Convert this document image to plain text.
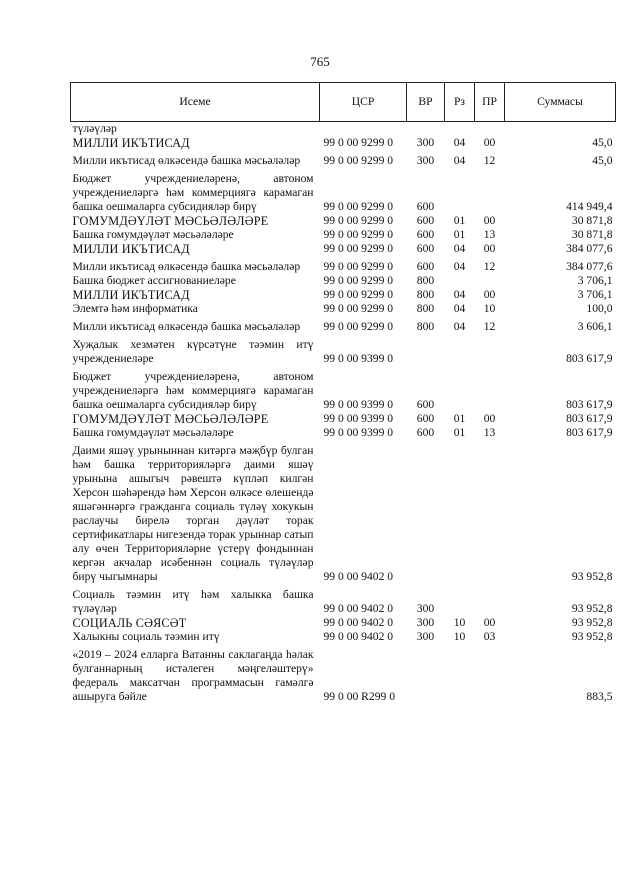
765
Исеме	ЦСР	ВР	Рз	ПР	Суммасы
түләүләр					
МИЛЛИ ИКЪТИСАД	99 0 00 9299 0	300	04	00	45,0
Милли икътисад өлкәсендә башка мәсьәләләр	99 0 00 9299 0	300	04	12	45,0
Бюджет учреждениеләренә, автоном учреждениеләргә һәм коммерциягә карамаган башка оешмаларга субсидияләр бирү	99 0 00 9299 0	600			414 949,4
ГОМУМДӘҮЛӘТ МӘСЬӘЛӘЛӘРЕ	99 0 00 9299 0	600	01	00	30 871,8
Башка гомумдәүләт мәсьәләләре	99 0 00 9299 0	600	01	13	30 871,8
МИЛЛИ ИКЪТИСАД	99 0 00 9299 0	600	04	00	384 077,6
Милли икътисад өлкәсендә башка мәсьәләләр	99 0 00 9299 0	600	04	12	384 077,6
Башка бюджет ассигнованиеләре	99 0 00 9299 0	800			3 706,1
МИЛЛИ ИКЪТИСАД	99 0 00 9299 0	800	04	00	3 706,1
Элемтә һәм информатика	99 0 00 9299 0	800	04	10	100,0
Милли икътисад өлкәсендә башка мәсьәләләр	99 0 00 9299 0	800	04	12	3 606,1
Хуҗалык хезмәтен күрсәтүне тәэмин итү учреждениеләре	99 0 00 9399 0				803 617,9
Бюджет учреждениеләренә, автоном учреждениеләргә һәм коммерциягә карамаган башка оешмаларга субсидияләр бирү	99 0 00 9399 0	600			803 617,9
ГОМУМДӘҮЛӘТ МӘСЬӘЛӘЛӘРЕ	99 0 00 9399 0	600	01	00	803 617,9
Башка гомумдәүләт мәсьәләләре	99 0 00 9399 0	600	01	13	803 617,9
Даими яшәү урыныннан китәргә мәҗбүр булган һәм башка территорияләргә даими яшәү урынына ашыгыч рәвештә күпләп килгән Херсон шәһәрендә һәм Херсон өлкәсе өлешендә яшәгәннәргә гражданга социаль түләү хокукын раслаучы бирелә торган дәүләт торак сертификатлары нигезендә торак урыннар сатып алу өчен Территорияләрне үстерү фондыннан кергән акчалар исәбеннән социаль түләүләр бирү чыгымнары	99 0 00 9402 0				93 952,8
Социаль тәэмин итү һәм халыкка башка түләүләр	99 0 00 9402 0	300			93 952,8
СОЦИАЛЬ СӘЯСӘТ	99 0 00 9402 0	300	10	00	93 952,8
Халыкны социаль тәэмин итү	99 0 00 9402 0	300	10	03	93 952,8
«2019 – 2024 елларга Ватанны саклагаңда һәлак булганнарның истәлеген мәңгеләштерү» федераль максатчан программасын гамәлгә ашыруга бәйле	99 0 00 R299 0				883,5
